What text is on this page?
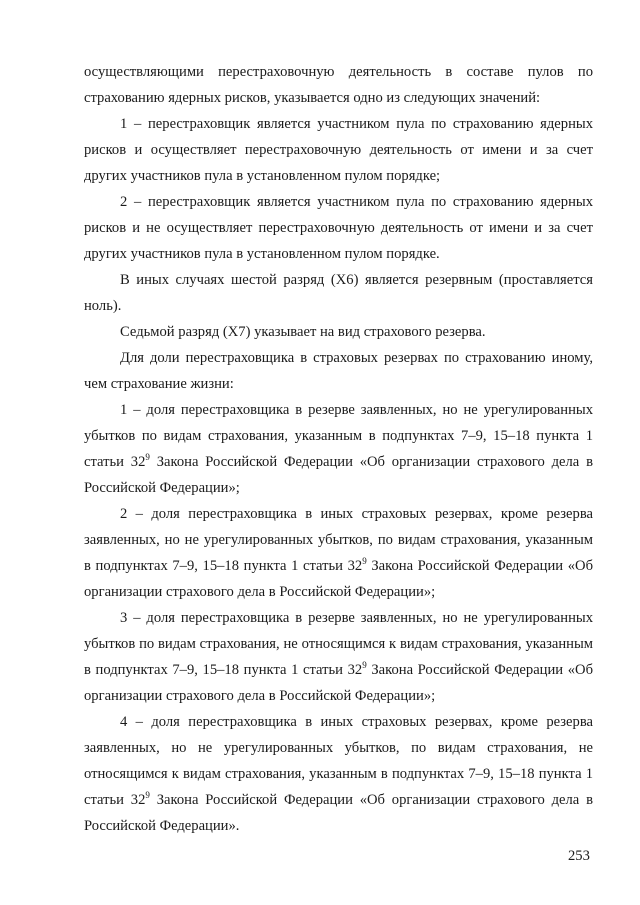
осуществляющими перестраховочную деятельность в составе пулов по страхованию ядерных рисков, указывается одно из следующих значений:

1 – перестраховщик является участником пула по страхованию ядерных рисков и осуществляет перестраховочную деятельность от имени и за счет других участников пула в установленном пулом порядке;

2 – перестраховщик является участником пула по страхованию ядерных рисков и не осуществляет перестраховочную деятельность от имени и за счет других участников пула в установленном пулом порядке.

В иных случаях шестой разряд (Х6) является резервным (проставляется ноль).

Седьмой разряд (Х7) указывает на вид страхового резерва.

Для доли перестраховщика в страховых резервах по страхованию иному, чем страхование жизни:

1 – доля перестраховщика в резерве заявленных, но не урегулированных убытков по видам страхования, указанным в подпунктах 7–9, 15–18 пункта 1 статьи $32^9$ Закона Российской Федерации «Об организации страхового дела в Российской Федерации»;

2 – доля перестраховщика в иных страховых резервах, кроме резерва заявленных, но не урегулированных убытков, по видам страхования, указанным в подпунктах 7–9, 15–18 пункта 1 статьи $32^9$ Закона Российской Федерации «Об организации страхового дела в Российской Федерации»;

3 – доля перестраховщика в резерве заявленных, но не урегулированных убытков по видам страхования, не относящимся к видам страхования, указанным в подпунктах 7–9, 15–18 пункта 1 статьи $32^9$ Закона Российской Федерации «Об организации страхового дела в Российской Федерации»;

4 – доля перестраховщика в иных страховых резервах, кроме резерва заявленных, но не урегулированных убытков, по видам страхования, не относящимся к видам страхования, указанным в подпунктах 7–9, 15–18 пункта 1 статьи $32^9$ Закона Российской Федерации «Об организации страхового дела в Российской Федерации».

253
